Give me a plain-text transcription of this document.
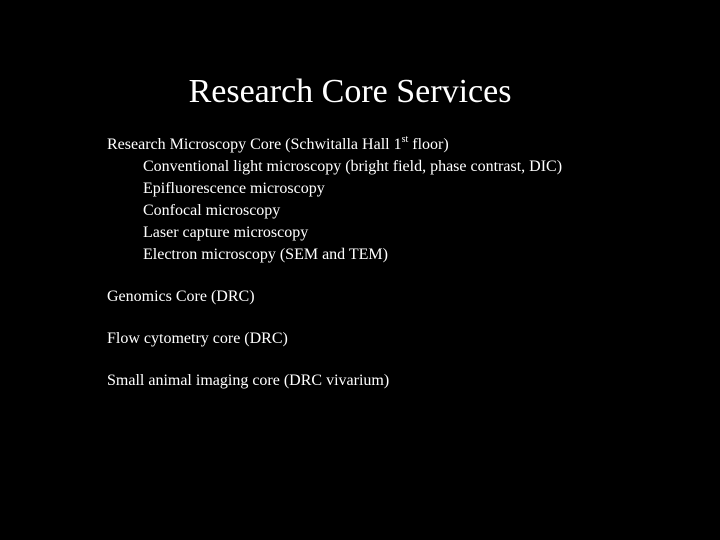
Research Core Services
Research Microscopy Core (Schwitalla Hall 1st floor)
Conventional light microscopy (bright field, phase contrast, DIC)
Epifluorescence microscopy
Confocal microscopy
Laser capture microscopy
Electron microscopy (SEM and TEM)
Genomics Core (DRC)
Flow cytometry core (DRC)
Small animal imaging core (DRC vivarium)
